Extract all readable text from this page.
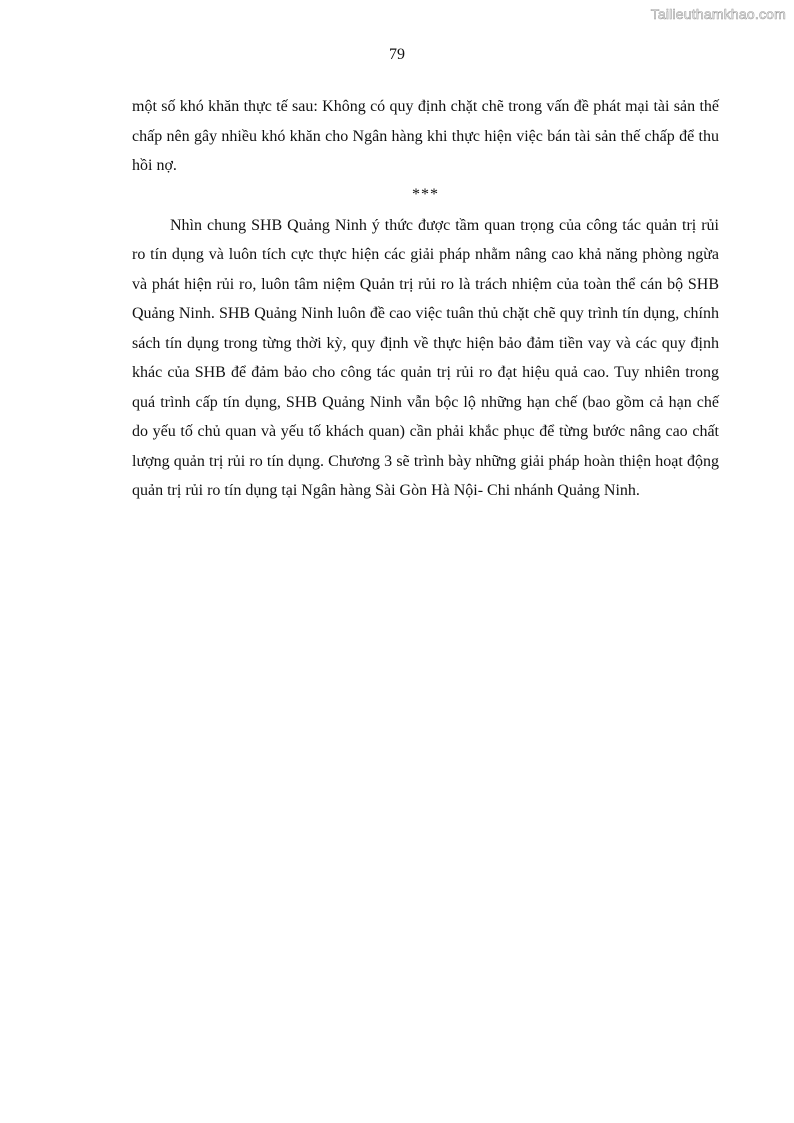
Tailieuthamkhao.com
79

một số khó khăn thực tế sau: Không có quy định chặt chẽ trong vấn đề phát mại tài sản thế chấp nên gây nhiều khó khăn cho Ngân hàng khi thực hiện việc bán tài sản thế chấp để thu hồi nợ.

***

Nhìn chung SHB Quảng Ninh ý thức được tầm quan trọng của công tác quản trị rủi ro tín dụng và luôn tích cực thực hiện các giải pháp nhằm nâng cao khả năng phòng ngừa và phát hiện rủi ro, luôn tâm niệm Quản trị rủi ro là trách nhiệm của toàn thể cán bộ SHB Quảng Ninh. SHB Quảng Ninh luôn đề cao việc tuân thủ chặt chẽ quy trình tín dụng, chính sách tín dụng trong từng thời kỳ, quy định về thực hiện bảo đảm tiền vay và các quy định khác của SHB để đảm bảo cho công tác quản trị rủi ro đạt hiệu quả cao. Tuy nhiên trong quá trình cấp tín dụng, SHB Quảng Ninh vẫn bộc lộ những hạn chế (bao gồm cả hạn chế do yếu tố chủ quan và yếu tố khách quan) cần phải khắc phục để từng bước nâng cao chất lượng quản trị rủi ro tín dụng. Chương 3 sẽ trình bày những giải pháp hoàn thiện hoạt động quản trị rủi ro tín dụng tại Ngân hàng Sài Gòn Hà Nội- Chi nhánh Quảng Ninh.
